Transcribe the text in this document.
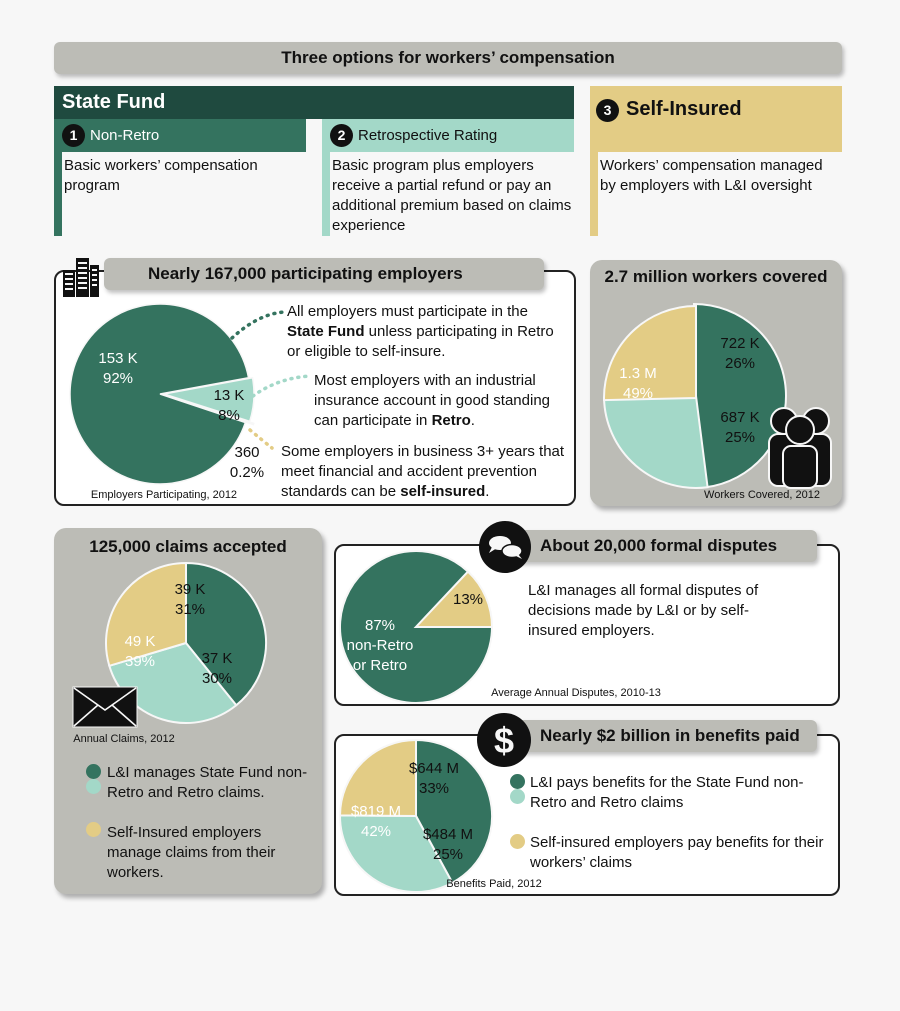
Three options for workers’ compensation
State Fund
1 Non-Retro
Basic workers’ compensation program
2 Retrospective Rating
Basic program plus employers receive a partial refund or pay an additional premium based on claims experience
3 Self-Insured
Workers’ compensation managed by employers with L&I oversight
Nearly 167,000 participating employers
153 K
92%
13 K
8%
360
0.2%
Employers Participating, 2012
All employers must participate in the State Fund unless participating in Retro or eligible to self-insure.
Most employers with an industrial insurance account in good standing can participate in Retro.
Some employers in business 3+ years that meet financial and accident prevention standards can be self-insured.
2.7 million workers covered
1.3 M
49%
722 K
26%
687 K
25%
Workers Covered, 2012
125,000 claims accepted
49 K
39%
39 K
31%
37 K
30%
Annual Claims, 2012
L&I manages State Fund non-Retro and Retro claims.
Self-Insured employers manage claims from their workers.
About 20,000 formal disputes
87%
non-Retro
or Retro
13%
Average Annual Disputes, 2010-13
L&I manages all formal disputes of decisions made by L&I or by self-insured employers.
Nearly $2 billion in benefits paid
$
$819 M
42%
$644 M
33%
$484 M
25%
Benefits Paid, 2012
L&I pays benefits for the State Fund non-Retro and Retro claims
Self-insured employers pay benefits for their workers’ claims
